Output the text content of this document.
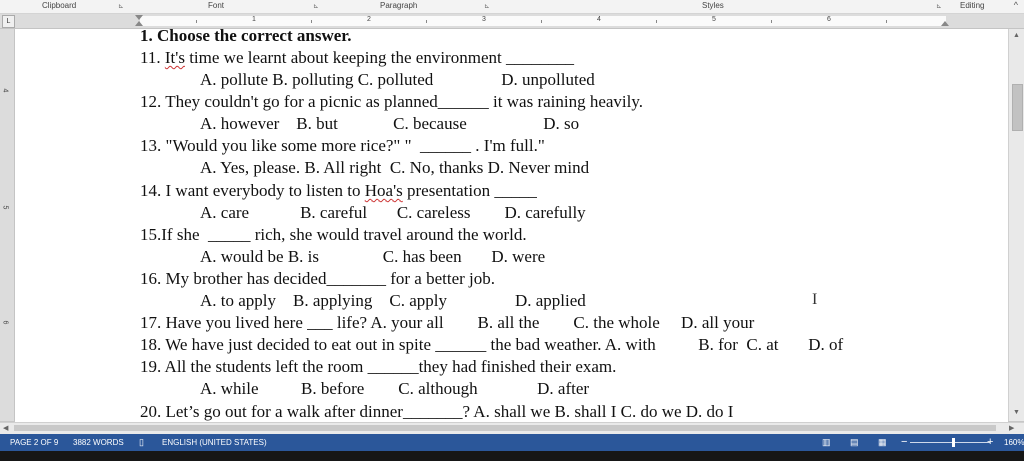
Clipboard	⊾	Font	⊾	Paragraph	⊾	Styles	⊾ Editing	^
L	1	2	3	4	5	6
4
5
6
1. Choose the correct answer.
11. It's time we learnt about keeping the environment ________
A. pollute B. polluting C. polluted                D. unpolluted
12. They couldn't go for a picnic as planned______ it was raining heavily.
A. however    B. but             C. because                  D. so
13. "Would you like some more rice?" "  ______ . I'm full."
A. Yes, please. B. All right  C. No, thanks D. Never mind
14. I want everybody to listen to Hoa's presentation _____
A. care            B. careful       C. careless        D. carefully
15.If she  _____ rich, she would travel around the world.
A. would be B. is               C. has been       D. were
16. My brother has decided_______ for a better job.
A. to apply    B. applying    C. apply                D. applied
17. Have you lived here ___ life? A. your all        B. all the        C. the whole     D. all your
18. We have just decided to eat out in spite ______ the bad weather. A. with          B. for  C. at       D. of
19. All the students left the room ______they had finished their exam.
A. while          B. before        C. although              D. after
20. Let’s go out for a walk after dinner_______? A. shall we B. shall I C. do we D. do I
I
▲
▼
◀	▶
PAGE 2 OF 9 3882 WORDS ▯ ENGLISH (UNITED STATES)	▥ ▤ ▦ −	+ 160%
